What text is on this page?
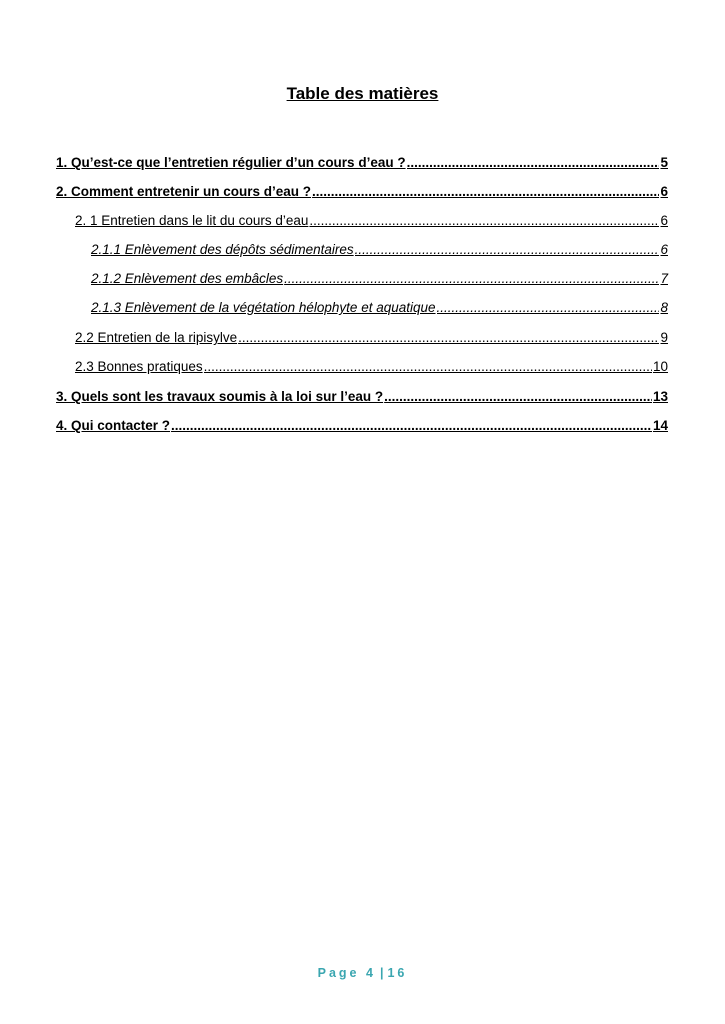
Table des matières
1. Qu’est-ce que l’entretien régulier d’un cours d’eau ? .....	5
2. Comment entretenir un cours d’eau ? .....	6
2. 1 Entretien dans le lit du cours d’eau .....	6
2.1.1 Enlèvement des dépôts sédimentaires .....	6
2.1.2 Enlèvement des embâcles .....	7
2.1.3 Enlèvement de la végétation hélophyte et aquatique .....	8
2.2 Entretien de la ripisylve .....	9
2.3 Bonnes pratiques .....	10
3. Quels sont les travaux soumis à la loi sur l’eau ? .....	13
4. Qui contacter ? .....	14
Page 4 | 16
